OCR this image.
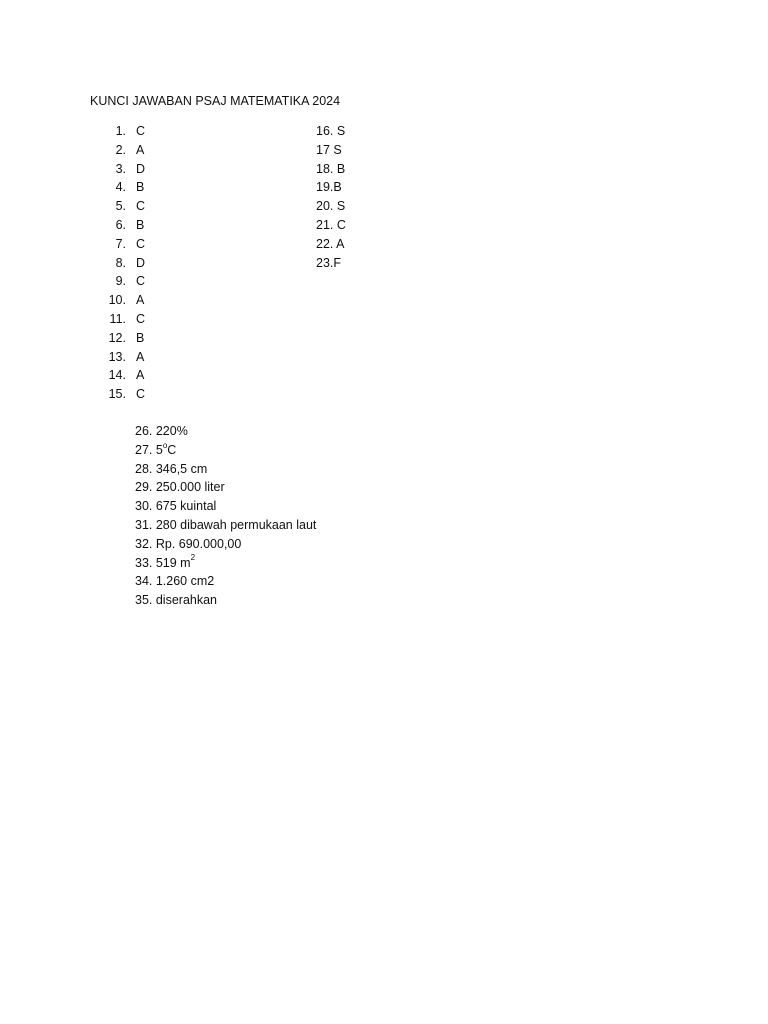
KUNCI JAWABAN PSAJ MATEMATIKA 2024
1. C
2. A
3. D
4. B
5. C
6. B
7. C
8. D
9. C
10. A
11. C
12. B
13. A
14. A
15. C
16. S
17 S
18. B
19.B
20. S
21. C
22. A
23.F
26. 220%
27. 5$^o$C
28. 346,5 cm
29. 250.000 liter
30. 675 kuintal
31. 280 dibawah permukaan laut
32. Rp. 690.000,00
33. 519 $m^2$
34. 1.260 cm2
35. diserahkan
